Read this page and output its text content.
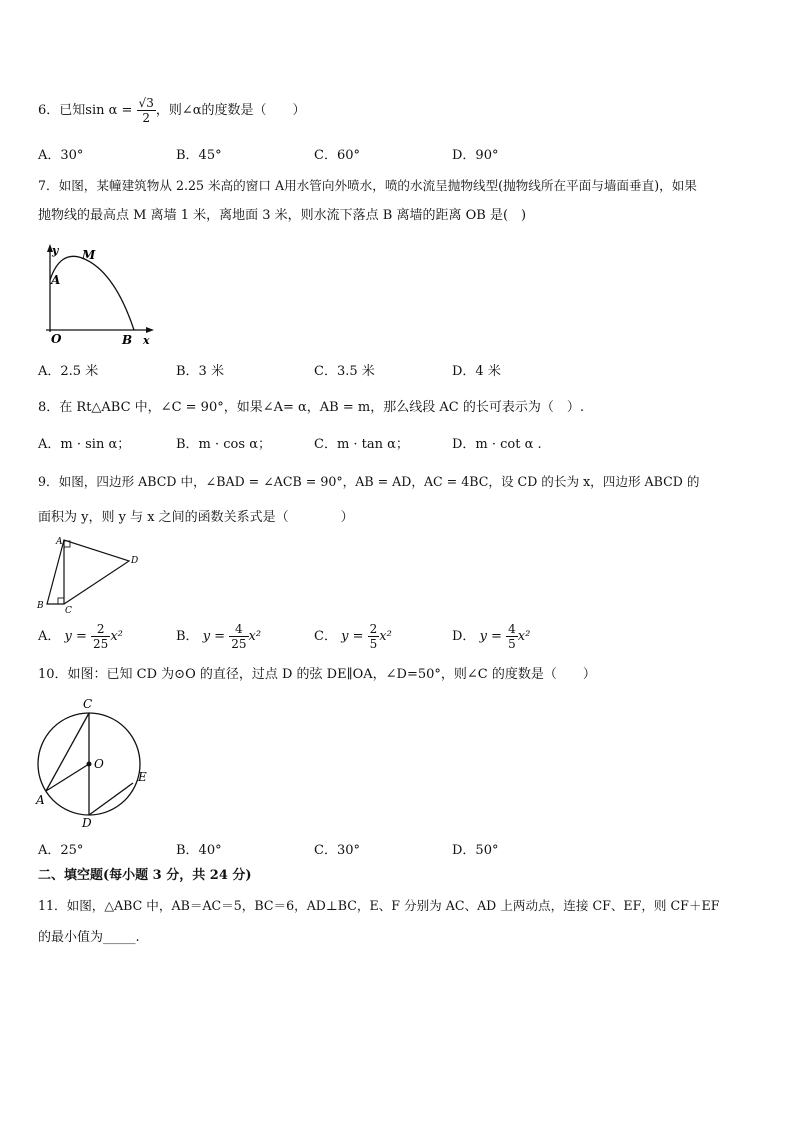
6．已知$\sin \alpha = \frac{√3}{2}$ ，则∠α的度数是（　　）
A．30°	B．45°	C．60°	D．90°
7．如图，某幢建筑物从 2.25 米高的窗口 A用水管向外喷水，喷的水流呈抛物线型(抛物线所在平面与墙面垂直)，如果
抛物线的最高点 M 离墙 1 米，离地面 3 米，则水流下落点 B 离墙的距离 OB 是(　)
y M
A
O	B x
A．2.5 米	B．3 米	C．3.5 米	D．4 米
8．在 Rt△ABC 中，∠C = 90°，如果∠A= α，AB = m，那么线段 AC 的长可表示为（　）.
A．m · sin α；	B．m · cos α；	C．m · tan α；	D．m · cot α .
9．如图，四边形 ABCD 中，∠BAD = ∠ACB = 90°，AB = AD，AC = 4BC，设 CD 的长为 x，四边形 ABCD 的
面积为 y，则 y 与 x 之间的函数关系式是（　　　　）
A
B C
D
A． $y = \frac{2}{25} x^2$	B． $y = \frac{4}{25} x^2$	C． $y = \frac{2}{5} x^2$	D． $y = \frac{4}{5} x^2$
10．如图：已知 CD 为⊙O 的直径，过点 D 的弦 DE∥OA，∠D=50°，则∠C 的度数是（　　）
C
O
E
A
D
A．25°	B．40°	C．30°	D．50°
二、填空题(每小题 3 分，共 24 分)
11．如图，△ABC 中，AB＝AC＝5，BC＝6，AD⊥BC，E、F 分别为 AC、AD 上两动点，连接 CF、EF，则 CF＋EF
的最小值为_____.
